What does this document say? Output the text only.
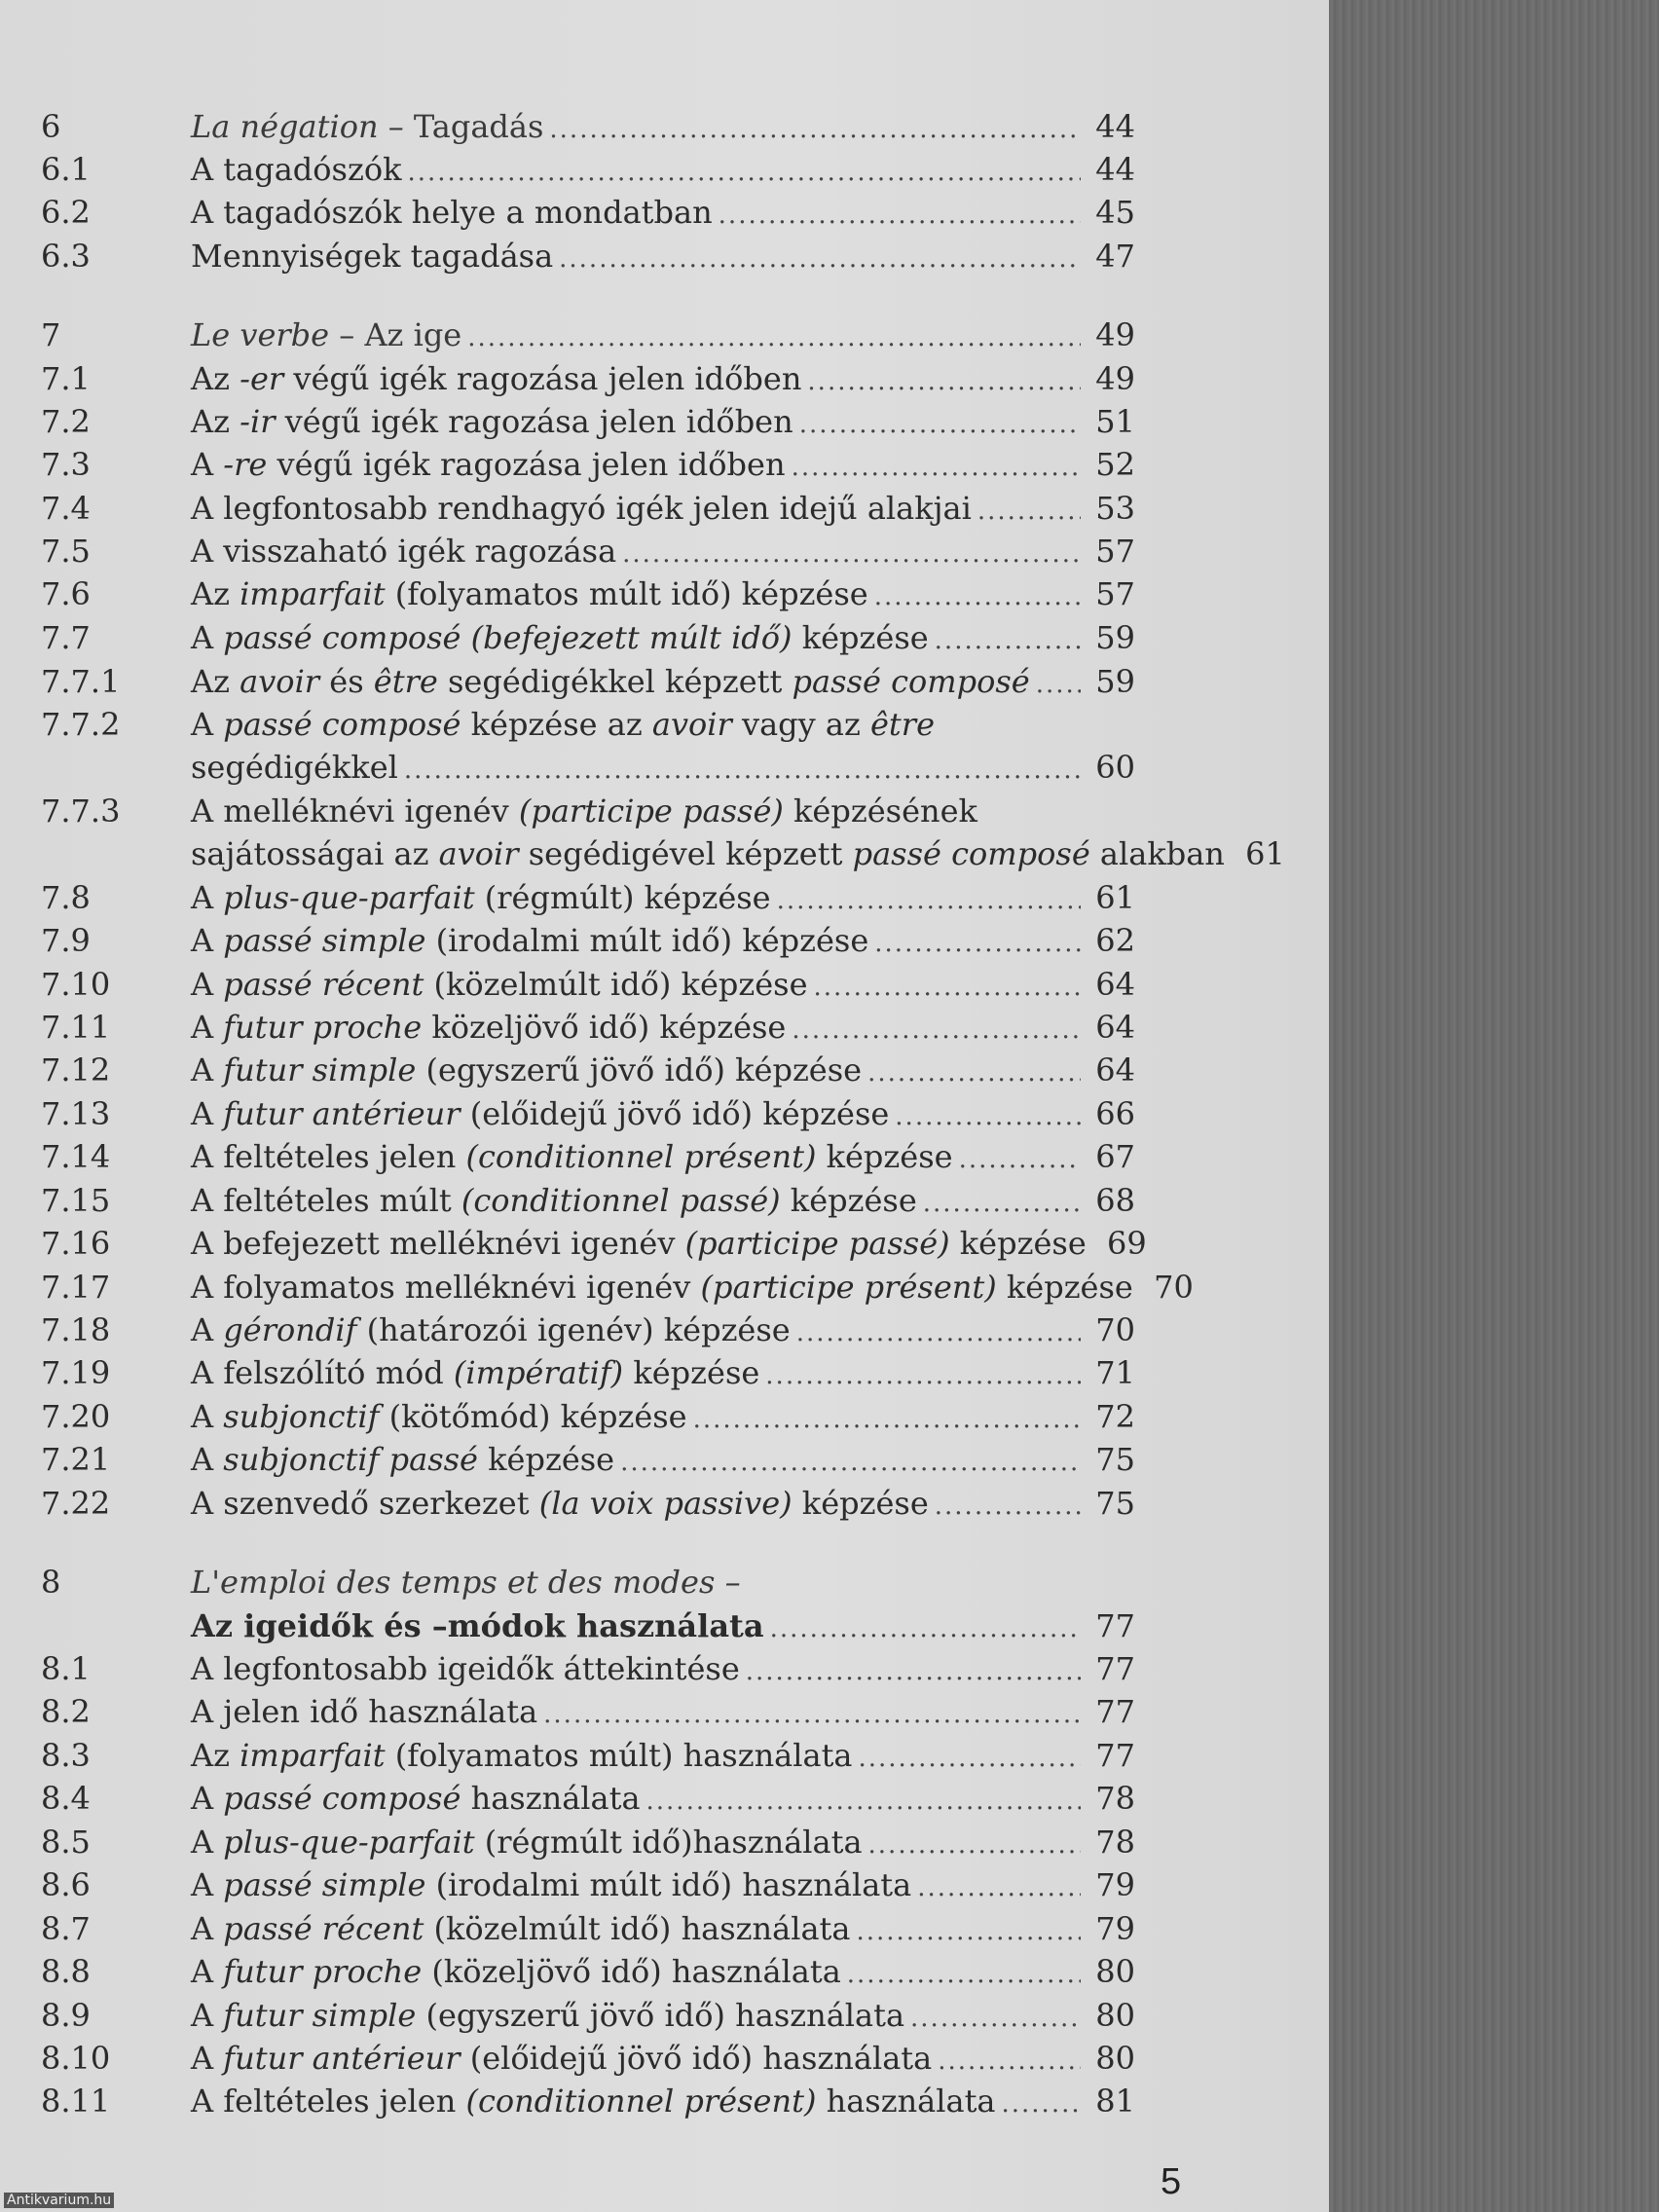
6	La négation – Tagadás .....	44
6.1	A tagadószók .....	44
6.2	A tagadószók helye a mondatban .....	45
6.3	Mennyiségek tagadása .....	47
7	Le verbe – Az ige .....	49
7.1	Az -er végű igék ragozása jelen időben .....	49
7.2	Az -ir végű igék ragozása jelen időben .....	51
7.3	A -re végű igék ragozása jelen időben .....	52
7.4	A legfontosabb rendhagyó igék jelen idejű alakjai .....	53
7.5	A visszaható igék ragozása .....	57
7.6	Az imparfait (folyamatos múlt idő) képzése .....	57
7.7	A passé composé (befejezett múlt idő) képzése .....	59
7.7.1	Az avoir és être segédigékkel képzett passé composé .....	59
7.7.2	A passé composé képzése az avoir vagy az être
segédigékkel .....	60
7.7.3	A melléknévi igenév (participe passé) képzésének
sajátosságai az avoir segédigével képzett passé composé alakban 61
7.8	A plus-que-parfait (régmúlt) képzése .....	61
7.9	A passé simple (irodalmi múlt idő) képzése .....	62
7.10	A passé récent (közelmúlt idő) képzése .....	64
7.11	A futur proche közeljövő idő) képzése .....	64
7.12	A futur simple (egyszerű jövő idő) képzése .....	64
7.13	A futur antérieur (előidejű jövő idő) képzése .....	66
7.14	A feltételes jelen (conditionnel présent) képzése .....	67
7.15	A feltételes múlt (conditionnel passé) képzése .....	68
7.16	A befejezett melléknévi igenév (participe passé) képzése 69
7.17	A folyamatos melléknévi igenév (participe présent) képzése 70
7.18	A gérondif (határozói igenév) képzése .....	70
7.19	A felszólító mód (impératif) képzése .....	71
7.20	A subjonctif (kötőmód) képzése .....	72
7.21	A subjonctif passé képzése .....	75
7.22	A szenvedő szerkezet (la voix passive) képzése .....	75
8	L'emploi des temps et des modes –
Az igeidők és –módok használata .....	77
8.1	A legfontosabb igeidők áttekintése .....	77
8.2	A jelen idő használata .....	77
8.3	Az imparfait (folyamatos múlt) használata .....	77
8.4	A passé composé használata .....	78
8.5	A plus-que-parfait (régmúlt idő)használata .....	78
8.6	A passé simple (irodalmi múlt idő) használata .....	79
8.7	A passé récent (közelmúlt idő) használata .....	79
8.8	A futur proche (közeljövő idő) használata .....	80
8.9	A futur simple (egyszerű jövő idő) használata .....	80
8.10	A futur antérieur (előidejű jövő idő) használata .....	80
8.11	A feltételes jelen (conditionnel présent) használata .....	81
5
Antikvarium.hu
